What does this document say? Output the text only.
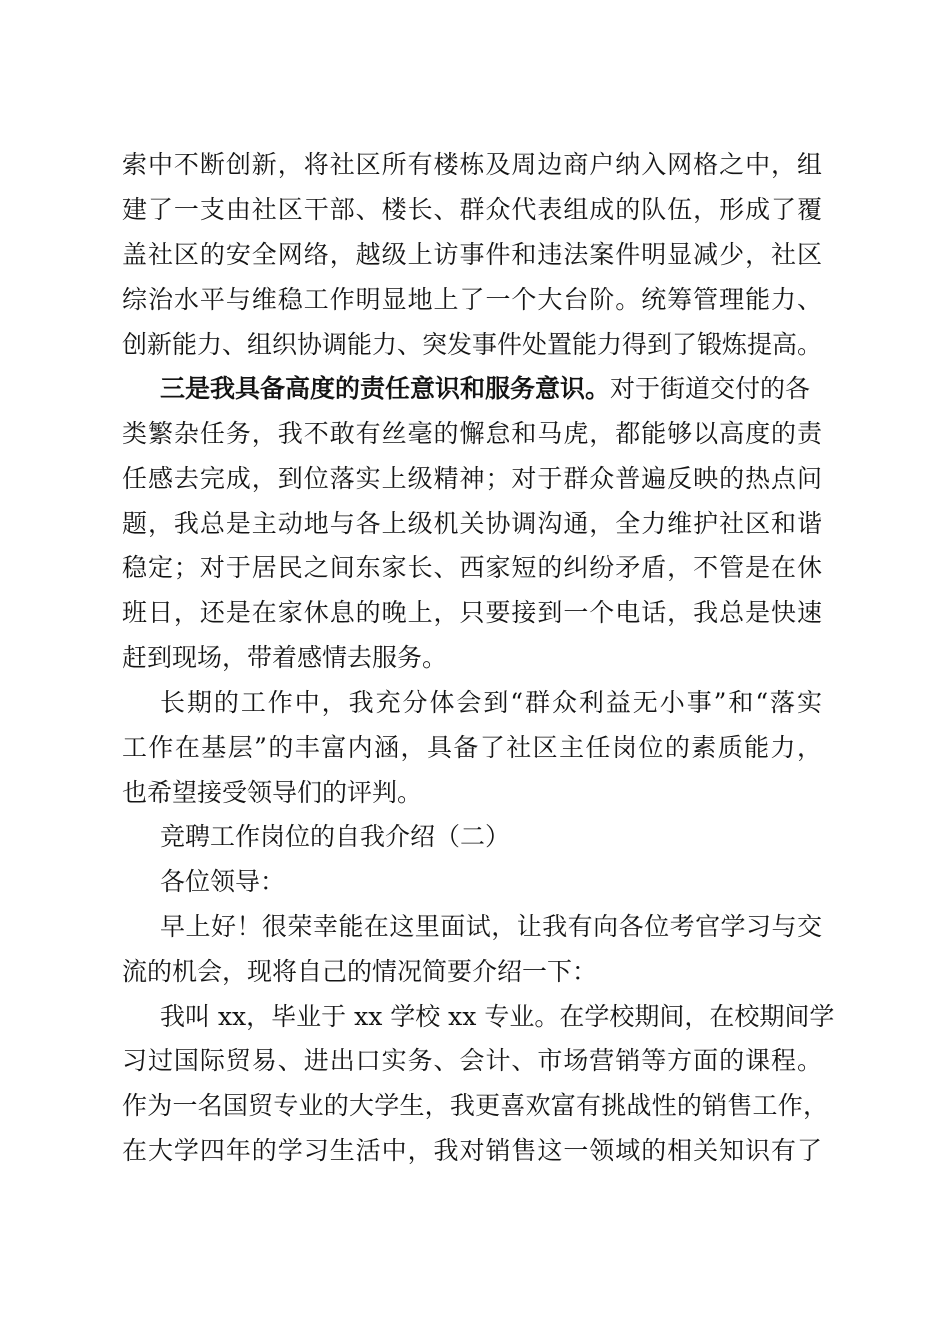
索中不断创新，将社区所有楼栋及周边商户纳入网格之中，组
建了一支由社区干部、楼长、群众代表组成的队伍，形成了覆
盖社区的安全网络，越级上访事件和违法案件明显减少，社区
综治水平与维稳工作明显地上了一个大台阶。统筹管理能力、
创新能力、组织协调能力、突发事件处置能力得到了锻炼提高。
三是我具备高度的责任意识和服务意识。对于街道交付的各
类繁杂任务，我不敢有丝毫的懈怠和马虎，都能够以高度的责
任感去完成，到位落实上级精神；对于群众普遍反映的热点问
题，我总是主动地与各上级机关协调沟通，全力维护社区和谐
稳定；对于居民之间东家长、西家短的纠纷矛盾，不管是在休
班日，还是在家休息的晚上，只要接到一个电话，我总是快速
赶到现场，带着感情去服务。
长期的工作中，我充分体会到“群众利益无小事”和“落实
工作在基层”的丰富内涵，具备了社区主任岗位的素质能力，
也希望接受领导们的评判。
竞聘工作岗位的自我介绍（二）
各位领导：
早上好！很荣幸能在这里面试，让我有向各位考官学习与交
流的机会，现将自己的情况简要介绍一下：
我叫 xx，毕业于 xx 学校 xx 专业。在学校期间，在校期间学
习过国际贸易、进出口实务、会计、市场营销等方面的课程。
作为一名国贸专业的大学生，我更喜欢富有挑战性的销售工作，
在大学四年的学习生活中，我对销售这一领域的相关知识有了
